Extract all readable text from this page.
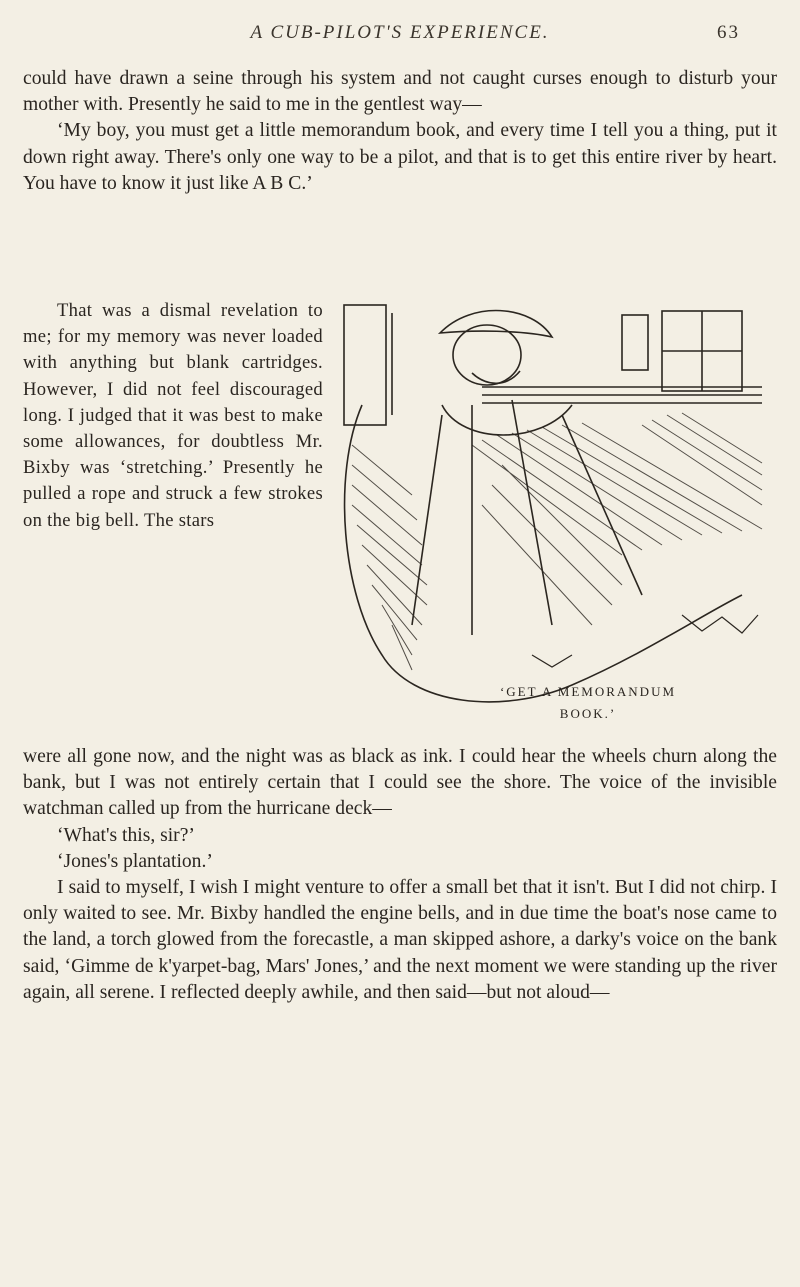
A CUB-PILOT'S EXPERIENCE.	63

could have drawn a seine through his system and not caught curses enough to disturb your mother with. Presently he said to me in the gentlest way—

‘My boy, you must get a little memorandum book, and every time I tell you a thing, put it down right away. There's only one way to be a pilot, and that is to get this entire river by heart. You have to know it just like A B C.’

That was a dismal revelation to me; for my memory was never loaded with anything but blank cartridges. However, I did not feel discouraged long. I judged that it was best to make some allowances, for doubtless Mr. Bixby was ‘stretching.’ Presently he pulled a rope and struck a few strokes on the big bell. The stars

‘GET A MEMORANDUM
BOOK.’

were all gone now, and the night was as black as ink. I could hear the wheels churn along the bank, but I was not entirely certain that I could see the shore. The voice of the invisible watchman called up from the hurricane deck—

‘What's this, sir?’

‘Jones's plantation.’

I said to myself, I wish I might venture to offer a small bet that it isn't. But I did not chirp. I only waited to see. Mr. Bixby handled the engine bells, and in due time the boat's nose came to the land, a torch glowed from the forecastle, a man skipped ashore, a darky's voice on the bank said, ‘Gimme de k'yarpet-bag, Mars' Jones,’ and the next moment we were standing up the river again, all serene. I reflected deeply awhile, and then said—but not aloud—
